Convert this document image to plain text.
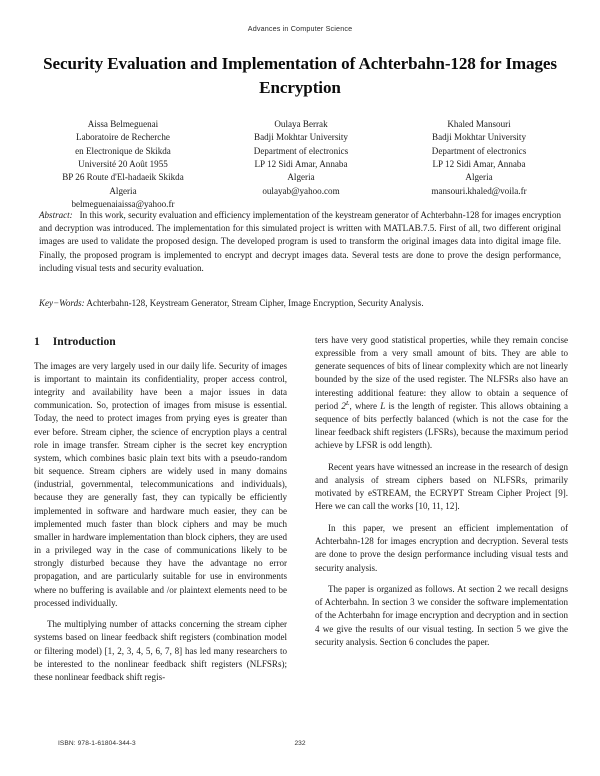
Advances in Computer Science
Security Evaluation and Implementation of Achterbahn-128 for Images Encryption
Aissa Belmeguenai
Laboratoire de Recherche
en Electronique de Skikda
Université 20 Août 1955
BP 26 Route d'El-hadaeik Skikda
Algeria
belmeguenaiaissa@yahoo.fr
Oulaya Berrak
Badji Mokhtar University
Department of electronics
LP 12 Sidi Amar, Annaba
Algeria
oulayab@yahoo.com
Khaled Mansouri
Badji Mokhtar University
Department of electronics
LP 12 Sidi Amar, Annaba
Algeria
mansouri.khaled@voila.fr
Abstract: In this work, security evaluation and efficiency implementation of the keystream generator of Achterbahn-128 for images encryption and decryption was introduced. The implementation for this simulated project is written with MATLAB.7.5. First of all, two different original images are used to validate the proposed design. The developed program is used to transform the original images data into digital image file. Finally, the proposed program is implemented to encrypt and decrypt images data. Several tests are done to prove the design performance, including visual tests and security evaluation.
Key−Words: Achterbahn-128, Keystream Generator, Stream Cipher, Image Encryption, Security Analysis.
1 Introduction

The images are very largely used in our daily life. Security of images is important to maintain its confidentiality, proper access control, integrity and availability have been a major issues in data communication. So, protection of images from misuse is essential. Today, the need to protect images from prying eyes is greater than ever before. Stream cipher, the science of encryption plays a central role in image transfer. Stream cipher is the secret key encryption system, which combines basic plain text bits with a pseudo-random bit sequence. Stream ciphers are widely used in many domains (industrial, governmental, telecommunications and individuals), because they are generally fast, they can typically be efficiently implemented in software and hardware much easier, they can be implemented much faster than block ciphers and may be much smaller in hardware implementation than block ciphers, they are used in a privileged way in the case of communications likely to be strongly disturbed because they have the advantage no error propagation, and are particularly suitable for use in environments where no buffering is available and /or plaintext elements need to be processed individually.

The multiplying number of attacks concerning the stream cipher systems based on linear feedback shift registers (combination model or filtering model) [1, 2, 3, 4, 5, 6, 7, 8] has led many researchers to be interested to the nonlinear feedback shift registers (NLFSRs); these nonlinear feedback shift regis-

ters have very good statistical properties, while they remain concise expressible from a very small amount of bits. They are able to generate sequences of bits of linear complexity which are not linearly bounded by the size of the used register. The NLFSRs also have an interesting additional feature: they allow to obtain a sequence of period $2^L$, where L is the length of register. This allows obtaining a sequence of bits perfectly balanced (which is not the case for the linear feedback shift registers (LFSRs), because the maximum period achieve by LFSR is odd length).

Recent years have witnessed an increase in the research of design and analysis of stream ciphers based on NLFSRs, primarily motivated by eSTREAM, the ECRYPT Stream Cipher Project [9]. Here we can call the works [10, 11, 12].

In this paper, we present an efficient implementation of Achterbahn-128 for images encryption and decryption. Several tests are done to prove the design performance including visual tests and security analysis.

The paper is organized as follows. At section 2 we recall designs of Achterbahn. In section 3 we consider the software implementation of the Achterbahn for image encryption and decryption and in section 4 we give the results of our visual testing. In section 5 we give the security analysis. Section 6 concludes the paper.

ISBN: 978-1-61804-344-3	232
